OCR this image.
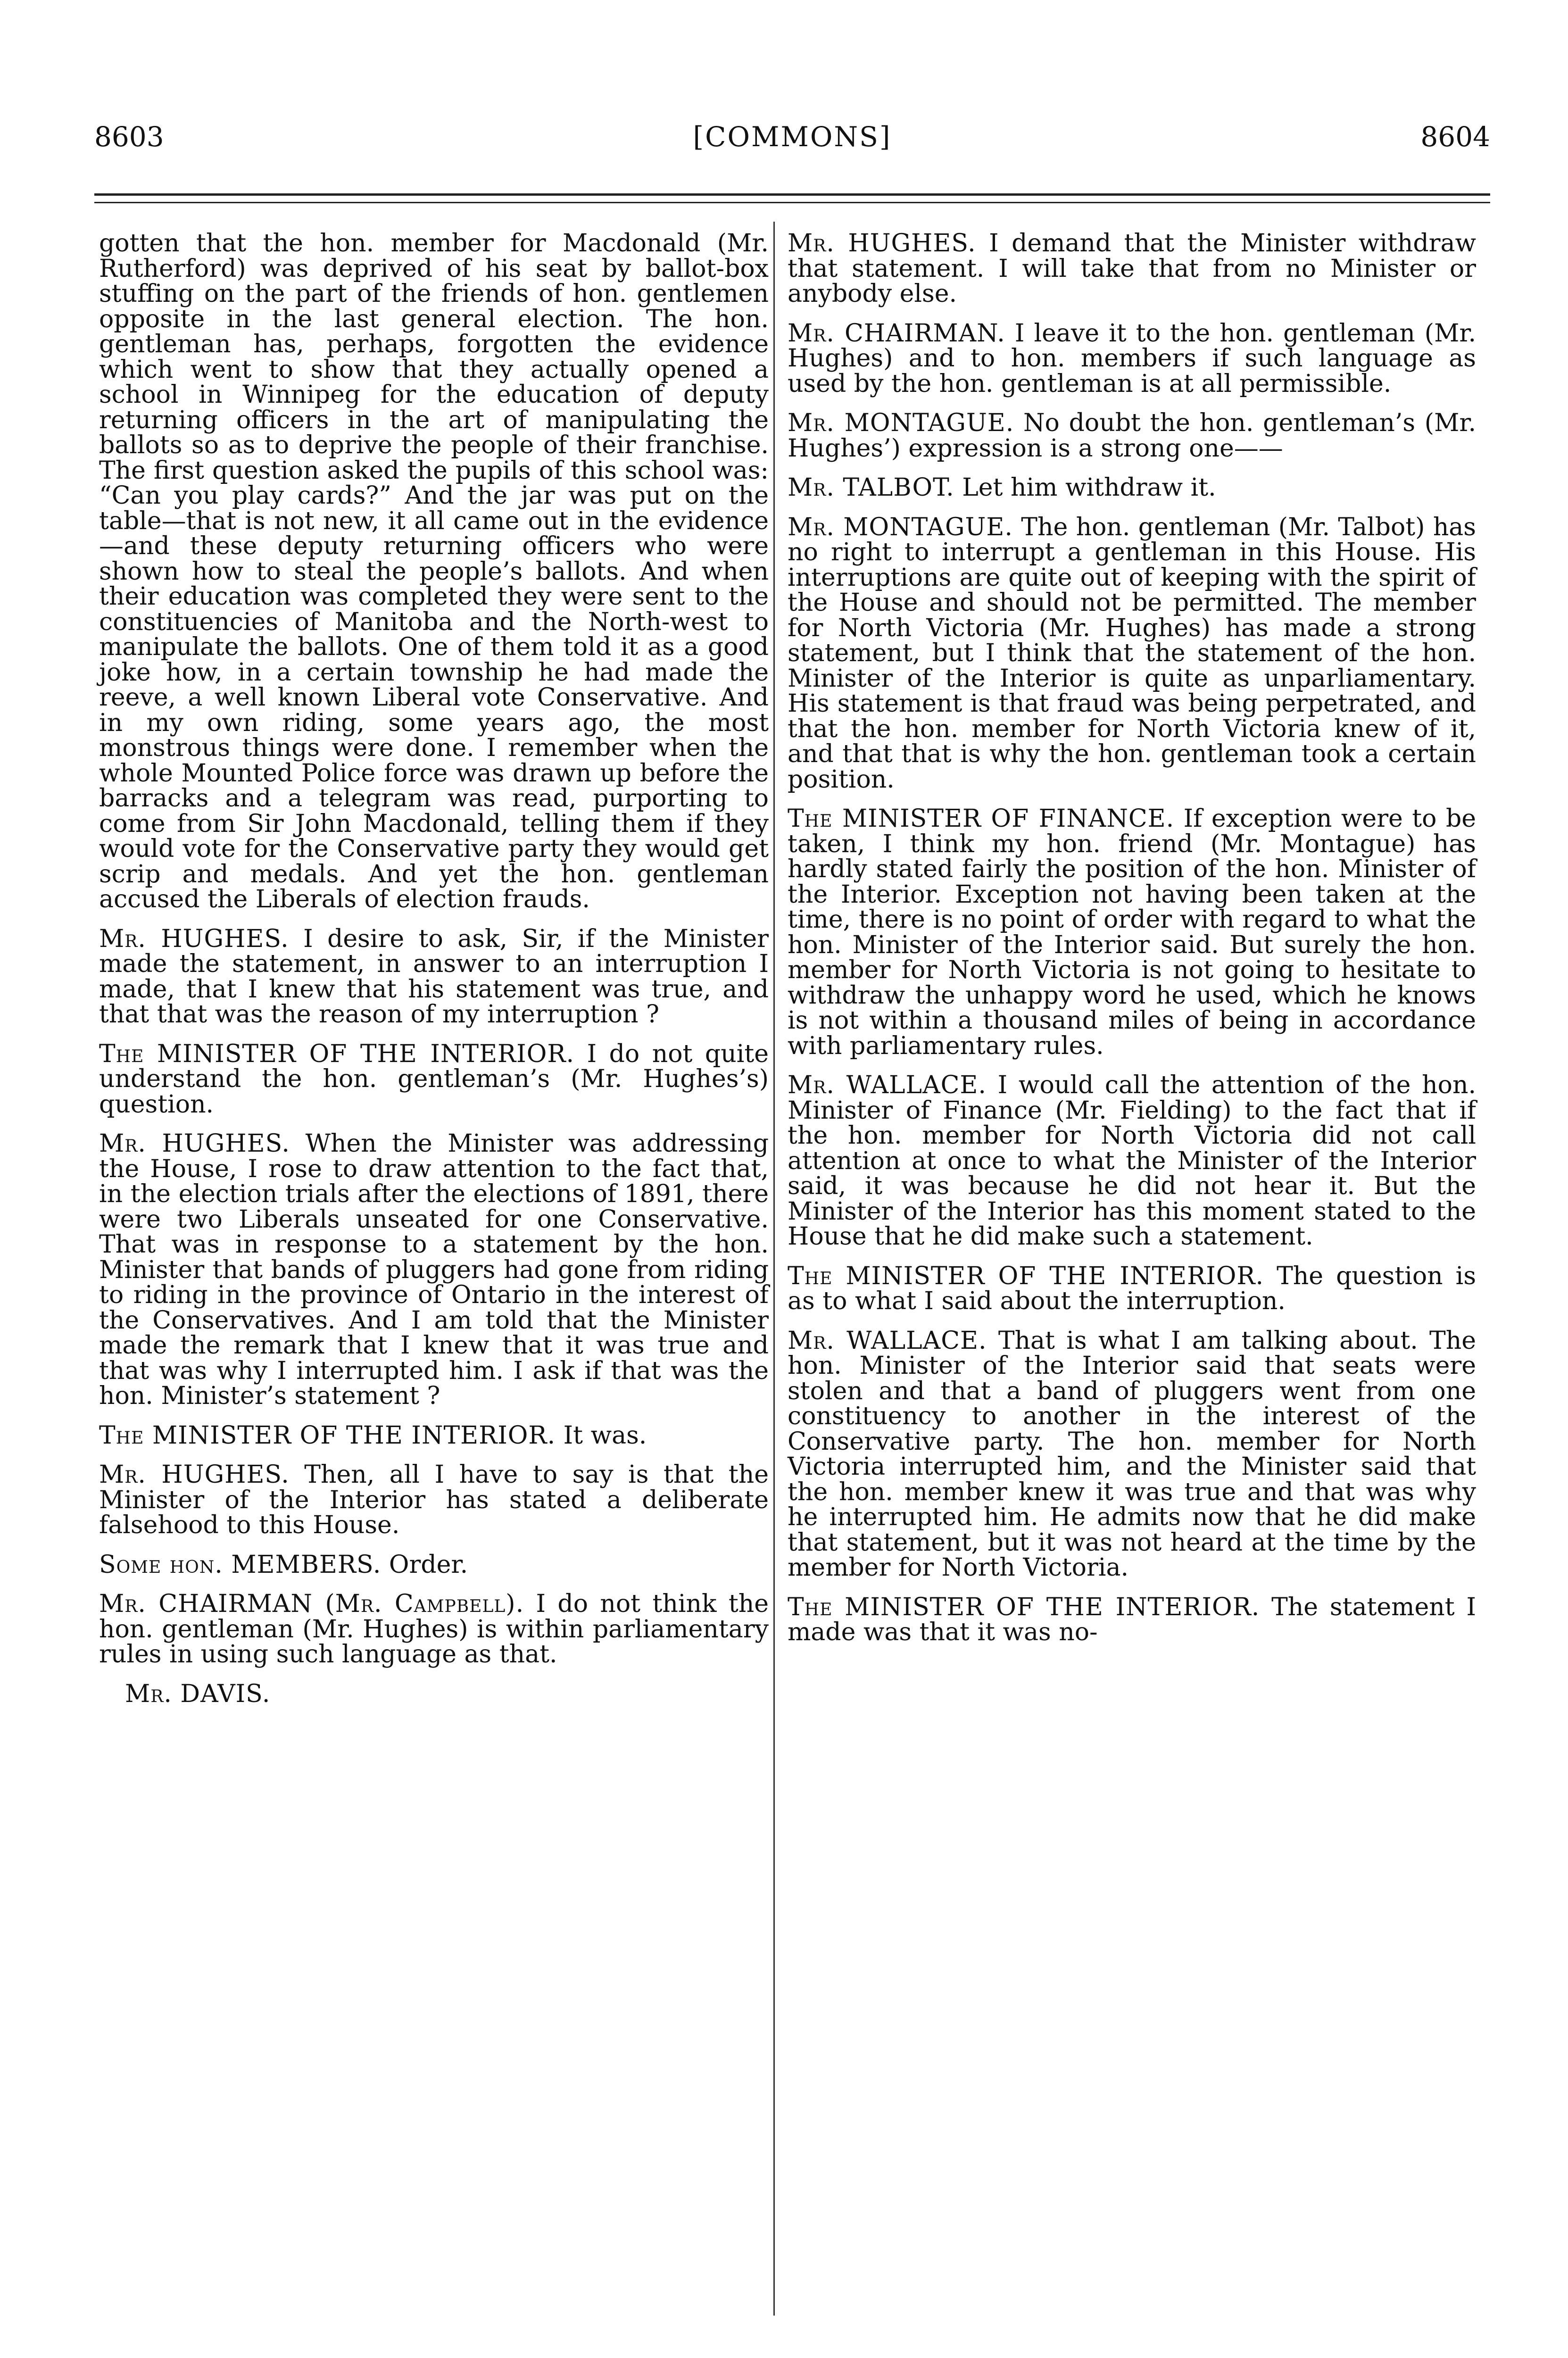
8603	[COMMONS]	8604

gotten that the hon. member for Macdonald (Mr. Rutherford) was deprived of his seat by ballot-box stuffing on the part of the friends of hon. gentlemen opposite in the last general election. The hon. gentleman has, perhaps, forgotten the evidence which went to show that they actually opened a school in Winnipeg for the education of deputy returning officers in the art of manipulating the ballots so as to deprive the people of their franchise. The first question asked the pupils of this school was: “Can you play cards?” And the jar was put on the table—that is not new, it all came out in the evidence—and these deputy returning officers who were shown how to steal the people’s ballots. And when their education was completed they were sent to the constituencies of Manitoba and the North-west to manipulate the ballots. One of them told it as a good joke how, in a certain township he had made the reeve, a well known Liberal vote Conservative. And in my own riding, some years ago, the most monstrous things were done. I remember when the whole Mounted Police force was drawn up before the barracks and a telegram was read, purporting to come from Sir John Macdonald, telling them if they would vote for the Conservative party they would get scrip and medals. And yet the hon. gentleman accused the Liberals of election frauds.

Mr. HUGHES. I desire to ask, Sir, if the Minister made the statement, in answer to an interruption I made, that I knew that his statement was true, and that that was the reason of my interruption ?

The MINISTER OF THE INTERIOR. I do not quite understand the hon. gentleman’s (Mr. Hughes’s) question.

Mr. HUGHES. When the Minister was addressing the House, I rose to draw attention to the fact that, in the election trials after the elections of 1891, there were two Liberals unseated for one Conservative. That was in response to a statement by the hon. Minister that bands of pluggers had gone from riding to riding in the province of Ontario in the interest of the Conservatives. And I am told that the Minister made the remark that I knew that it was true and that was why I interrupted him. I ask if that was the hon. Minister’s statement ?

The MINISTER OF THE INTERIOR. It was.

Mr. HUGHES. Then, all I have to say is that the Minister of the Interior has stated a deliberate falsehood to this House.

Some hon. MEMBERS. Order.

Mr. CHAIRMAN (Mr. Campbell). I do not think the hon. gentleman (Mr. Hughes) is within parliamentary rules in using such language as that.

Mr. DAVIS.

Mr. HUGHES. I demand that the Minister withdraw that statement. I will take that from no Minister or anybody else.

Mr. CHAIRMAN. I leave it to the hon. gentleman (Mr. Hughes) and to hon. members if such language as used by the hon. gentleman is at all permissible.

Mr. MONTAGUE. No doubt the hon. gentleman’s (Mr. Hughes’) expression is a strong one——

Mr. TALBOT. Let him withdraw it.

Mr. MONTAGUE. The hon. gentleman (Mr. Talbot) has no right to interrupt a gentleman in this House. His interruptions are quite out of keeping with the spirit of the House and should not be permitted. The member for North Victoria (Mr. Hughes) has made a strong statement, but I think that the statement of the hon. Minister of the Interior is quite as unparliamentary. His statement is that fraud was being perpetrated, and that the hon. member for North Victoria knew of it, and that that is why the hon. gentleman took a certain position.

The MINISTER OF FINANCE. If exception were to be taken, I think my hon. friend (Mr. Montague) has hardly stated fairly the position of the hon. Minister of the Interior. Exception not having been taken at the time, there is no point of order with regard to what the hon. Minister of the Interior said. But surely the hon. member for North Victoria is not going to hesitate to withdraw the unhappy word he used, which he knows is not within a thousand miles of being in accordance with parliamentary rules.

Mr. WALLACE. I would call the attention of the hon. Minister of Finance (Mr. Fielding) to the fact that if the hon. member for North Victoria did not call attention at once to what the Minister of the Interior said, it was because he did not hear it. But the Minister of the Interior has this moment stated to the House that he did make such a statement.

The MINISTER OF THE INTERIOR. The question is as to what I said about the interruption.

Mr. WALLACE. That is what I am talking about. The hon. Minister of the Interior said that seats were stolen and that a band of pluggers went from one constituency to another in the interest of the Conservative party. The hon. member for North Victoria interrupted him, and the Minister said that the hon. member knew it was true and that was why he interrupted him. He admits now that he did make that statement, but it was not heard at the time by the member for North Victoria.

The MINISTER OF THE INTERIOR. The statement I made was that it was no-
